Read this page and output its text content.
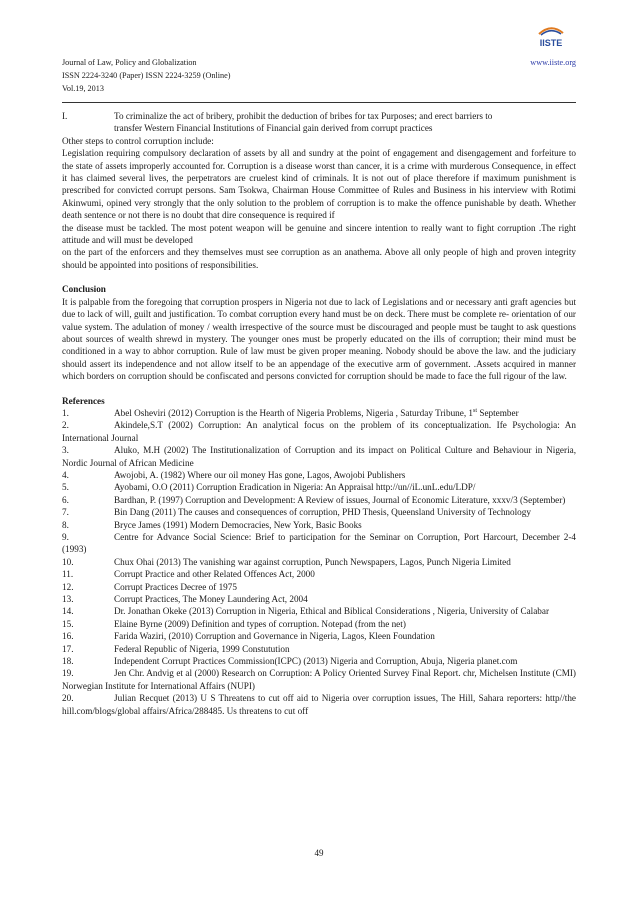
Journal of Law, Policy and Globalization
ISSN 2224-3240 (Paper) ISSN 2224-3259 (Online)
Vol.19, 2013
www.iiste.org
IISTE
I.	To criminalize the act of bribery, prohibit the deduction of bribes for tax Purposes; and erect barriers to

transfer Western Financial Institutions of Financial gain derived from corrupt practices

Other steps to control corruption include:

Legislation requiring compulsory declaration of assets by all and sundry at the point of engagement and disengagement and forfeiture to the state of assets improperly accounted for. Corruption is a disease worst than cancer, it is a crime with murderous Consequence, in effect it has claimed several lives, the perpetrators are cruelest kind of criminals. It is not out of place therefore if maximum punishment is prescribed for convicted corrupt persons. Sam Tsokwa, Chairman House Committee of Rules and Business in his interview with Rotimi Akinwumi, opined very strongly that the only solution to the problem of corruption is to make the offence punishable by death. Whether death sentence or not there is no doubt that dire consequence is required if

the disease must be tackled. The most potent weapon will be genuine and sincere intention to really want to fight corruption .The right attitude and will must be developed

on the part of the enforcers and they themselves must see corruption as an anathema. Above all only people of high and proven integrity should be appointed into positions of responsibilities.

Conclusion

It is palpable from the foregoing that corruption prospers in Nigeria not due to lack of Legislations and or necessary anti graft agencies but due to lack of will, guilt and justification. To combat corruption every hand must be on deck. There must be complete re- orientation of our value system. The adulation of money / wealth irrespective of the source must be discouraged and people must be taught to ask questions about sources of wealth shrewd in mystery. The younger ones must be properly educated on the ills of corruption; their mind must be conditioned in a way to abhor corruption. Rule of law must be given proper meaning. Nobody should be above the law. and the judiciary should assert its independence and not allow itself to be an appendage of the executive arm of government. .Assets acquired in manner which borders on corruption should be confiscated and persons convicted for corruption should be made to face the full rigour of the law.

References

1.	Abel Osheviri (2012) Corruption is the Hearth of Nigeria Problems, Nigeria , Saturday Tribune, 1st September

2.	Akindele,S.T (2002) Corruption: An analytical focus on the problem of its conceptualization. Ife Psychologia: An International Journal

3.	Aluko, M.H (2002) The Institutionalization of Corruption and its impact on Political Culture and Behaviour in Nigeria, Nordic Journal of African Medicine

4.	Awojobi, A. (1982) Where our oil money Has gone, Lagos, Awojobi Publishers

5.	Ayobami, O.O (2011) Corruption Eradication in Nigeria: An Appraisal http://un//iL.unL.edu/LDP/

6.	Bardhan, P. (1997) Corruption and Development: A Review of issues, Journal of Economic Literature, xxxv/3 (September)

7.	Bin Dang (2011) The causes and consequences of corruption, PHD Thesis, Queensland University of Technology

8.	Bryce James (1991) Modern Democracies, New York, Basic Books

9.	Centre for Advance Social Science: Brief to participation for the Seminar on Corruption, Port Harcourt, December 2-4 (1993)

10.	Chux Ohai (2013) The vanishing war against corruption, Punch Newspapers, Lagos, Punch Nigeria Limited

11.	Corrupt Practice and other Related Offences Act, 2000

12.	Corrupt Practices Decree of 1975

13.	Corrupt Practices, The Money Laundering Act, 2004

14.	Dr. Jonathan Okeke (2013) Corruption in Nigeria, Ethical and Biblical Considerations , Nigeria, University of Calabar

15.	Elaine Byrne (2009) Definition and types of corruption. Notepad (from the net)

16.	Farida Waziri, (2010) Corruption and Governance in Nigeria, Lagos, Kleen Foundation

17.	Federal Republic of Nigeria, 1999 Constutution

18.	Independent Corrupt Practices Commission(ICPC) (2013) Nigeria and Corruption, Abuja, Nigeria planet.com

19.	Jen Chr. Andvig et al (2000) Research on Corruption: A Policy Oriented Survey Final Report. chr, Michelsen Institute (CMI) Norwegian Institute for International Affairs (NUPI)

20.	Julian Recquet (2013) U S Threatens to cut off aid to Nigeria over corruption issues, The Hill, Sahara reporters: http//the hill.com/blogs/global affairs/Africa/288485. Us threatens to cut off

49
